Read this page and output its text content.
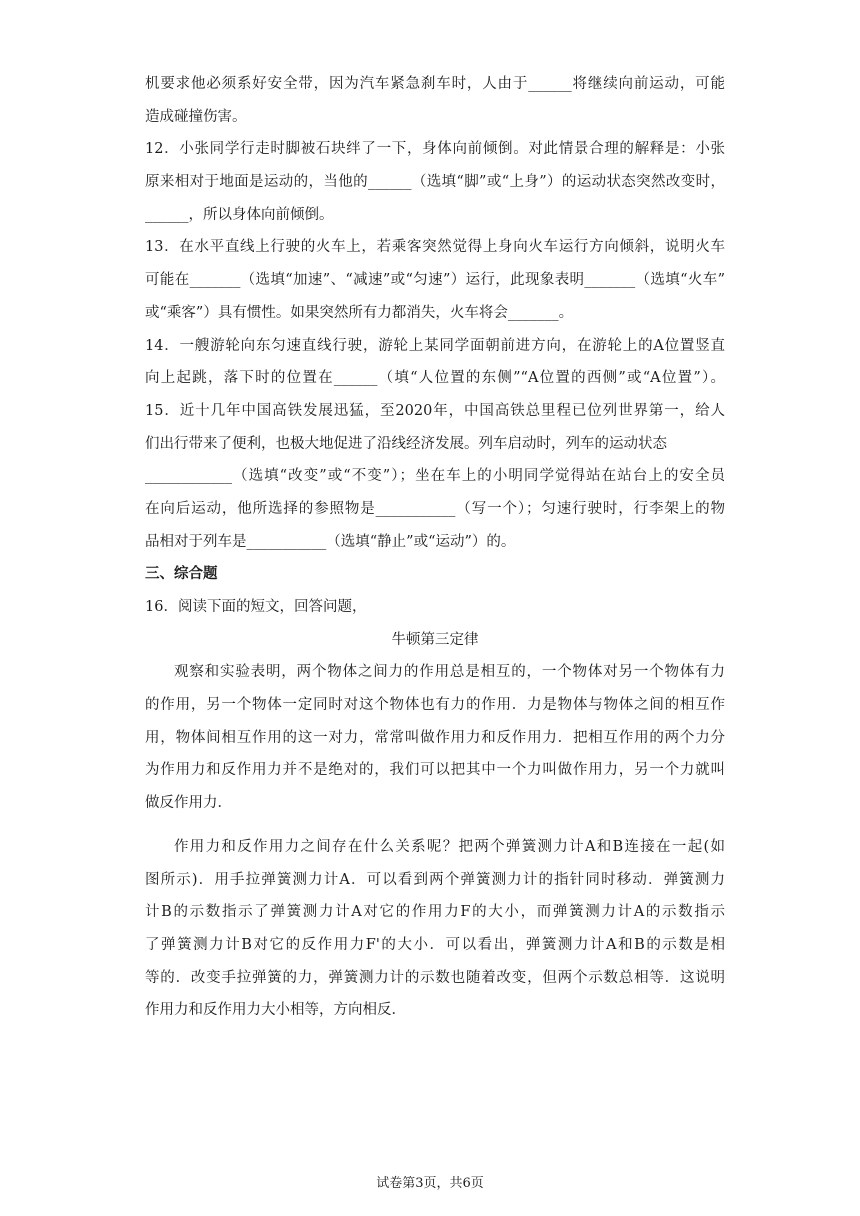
机要求他必须系好安全带，因为汽车紧急刹车时，人由于______将继续向前运动，可能
造成碰撞伤害。
12．小张同学行走时脚被石块绊了一下，身体向前倾倒。对此情景合理的解释是：小张
原来相对于地面是运动的，当他的______（选填“脚”或“上身”）的运动状态突然改变时，
______，所以身体向前倾倒。
13．在水平直线上行驶的火车上，若乘客突然觉得上身向火车运行方向倾斜，说明火车
可能在_______（选填“加速”、“减速”或“匀速”）运行，此现象表明_______（选填“火车”
或“乘客”）具有惯性。如果突然所有力都消失，火车将会_______。
14．一艘游轮向东匀速直线行驶，游轮上某同学面朝前进方向，在游轮上的A位置竖直
向上起跳，落下时的位置在______（填“人位置的东侧”“A位置的西侧”或“A位置”）。
15．近十几年中国高铁发展迅猛，至2020年，中国高铁总里程已位列世界第一，给人
们出行带来了便利，也极大地促进了沿线经济发展。列车启动时，列车的运动状态
____________（选填“改变”或“不变”）；坐在车上的小明同学觉得站在站台上的安全员
在向后运动，他所选择的参照物是___________（写一个）；匀速行驶时，行李架上的物
品相对于列车是___________（选填“静止”或“运动”）的。
三、综合题
16．阅读下面的短文，回答问题，
牛顿第三定律
观察和实验表明，两个物体之间力的作用总是相互的，一个物体对另一个物体有力
的作用，另一个物体一定同时对这个物体也有力的作用．力是物体与物体之间的相互作
用，物体间相互作用的这一对力，常常叫做作用力和反作用力．把相互作用的两个力分
为作用力和反作用力并不是绝对的，我们可以把其中一个力叫做作用力，另一个力就叫
做反作用力．
作用力和反作用力之间存在什么关系呢？把两个弹簧测力计A和B连接在一起(如
图所示)．用手拉弹簧测力计A．可以看到两个弹簧测力计的指针同时移动．弹簧测力
计B的示数指示了弹簧测力计A对它的作用力F的大小，而弹簧测力计A的示数指示
了弹簧测力计B对它的反作用力F'的大小．可以看出，弹簧测力计A和B的示数是相
等的．改变手拉弹簧的力，弹簧测力计的示数也随着改变，但两个示数总相等．这说明
作用力和反作用力大小相等，方向相反．
试卷第3页，共6页
